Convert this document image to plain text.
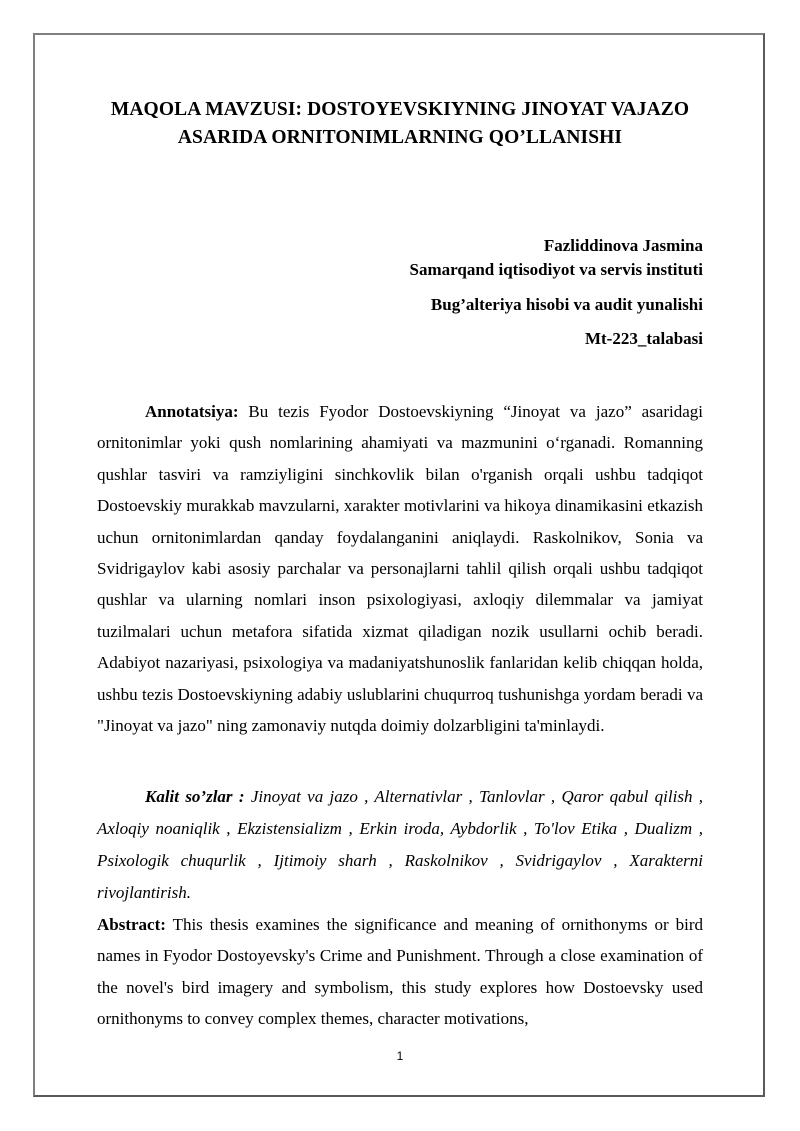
MAQOLA MAVZUSI: DOSTOYEVSKIYNING JINOYAT VAJAZO ASARIDA ORNITONIMLARNING QO’LLANISHI
Fazliddinova Jasmina
Samarqand iqtisodiyot va servis instituti
Bug’alteriya hisobi va audit yunalishi
Mt-223_talabasi

Annotatsiya: Bu tezis Fyodor Dostoevskiyning “Jinoyat va jazo” asaridagi ornitonimlar yoki qush nomlarining ahamiyati va mazmunini o‘rganadi. Romanning qushlar tasviri va ramziyligini sinchkovlik bilan o'rganish orqali ushbu tadqiqot Dostoevskiy murakkab mavzularni, xarakter motivlarini va hikoya dinamikasini etkazish uchun ornitonimlardan qanday foydalanganini aniqlaydi. Raskolnikov, Sonia va Svidrigaylov kabi asosiy parchalar va personajlarni tahlil qilish orqali ushbu tadqiqot qushlar va ularning nomlari inson psixologiyasi, axloqiy dilemmalar va jamiyat tuzilmalari uchun metafora sifatida xizmat qiladigan nozik usullarni ochib beradi. Adabiyot nazariyasi, psixologiya va madaniyatshunoslik fanlaridan kelib chiqqan holda, ushbu tezis Dostoevskiyning adabiy uslublarini chuqurroq tushunishga yordam beradi va "Jinoyat va jazo" ning zamonaviy nutqda doimiy dolzarbligini ta'minlaydi.

Kalit so’zlar : Jinoyat va jazo , Alternativlar , Tanlovlar , Qaror qabul qilish , Axloqiy noaniqlik , Ekzistensializm , Erkin iroda, Aybdorlik , To'lov Etika , Dualizm , Psixologik chuqurlik , Ijtimoiy sharh , Raskolnikov , Svidrigaylov , Xarakterni rivojlantirish.

Abstract: This thesis examines the significance and meaning of ornithonyms or bird names in Fyodor Dostoyevsky's Crime and Punishment. Through a close examination of the novel's bird imagery and symbolism, this study explores how Dostoevsky used ornithonyms to convey complex themes, character motivations,

1
